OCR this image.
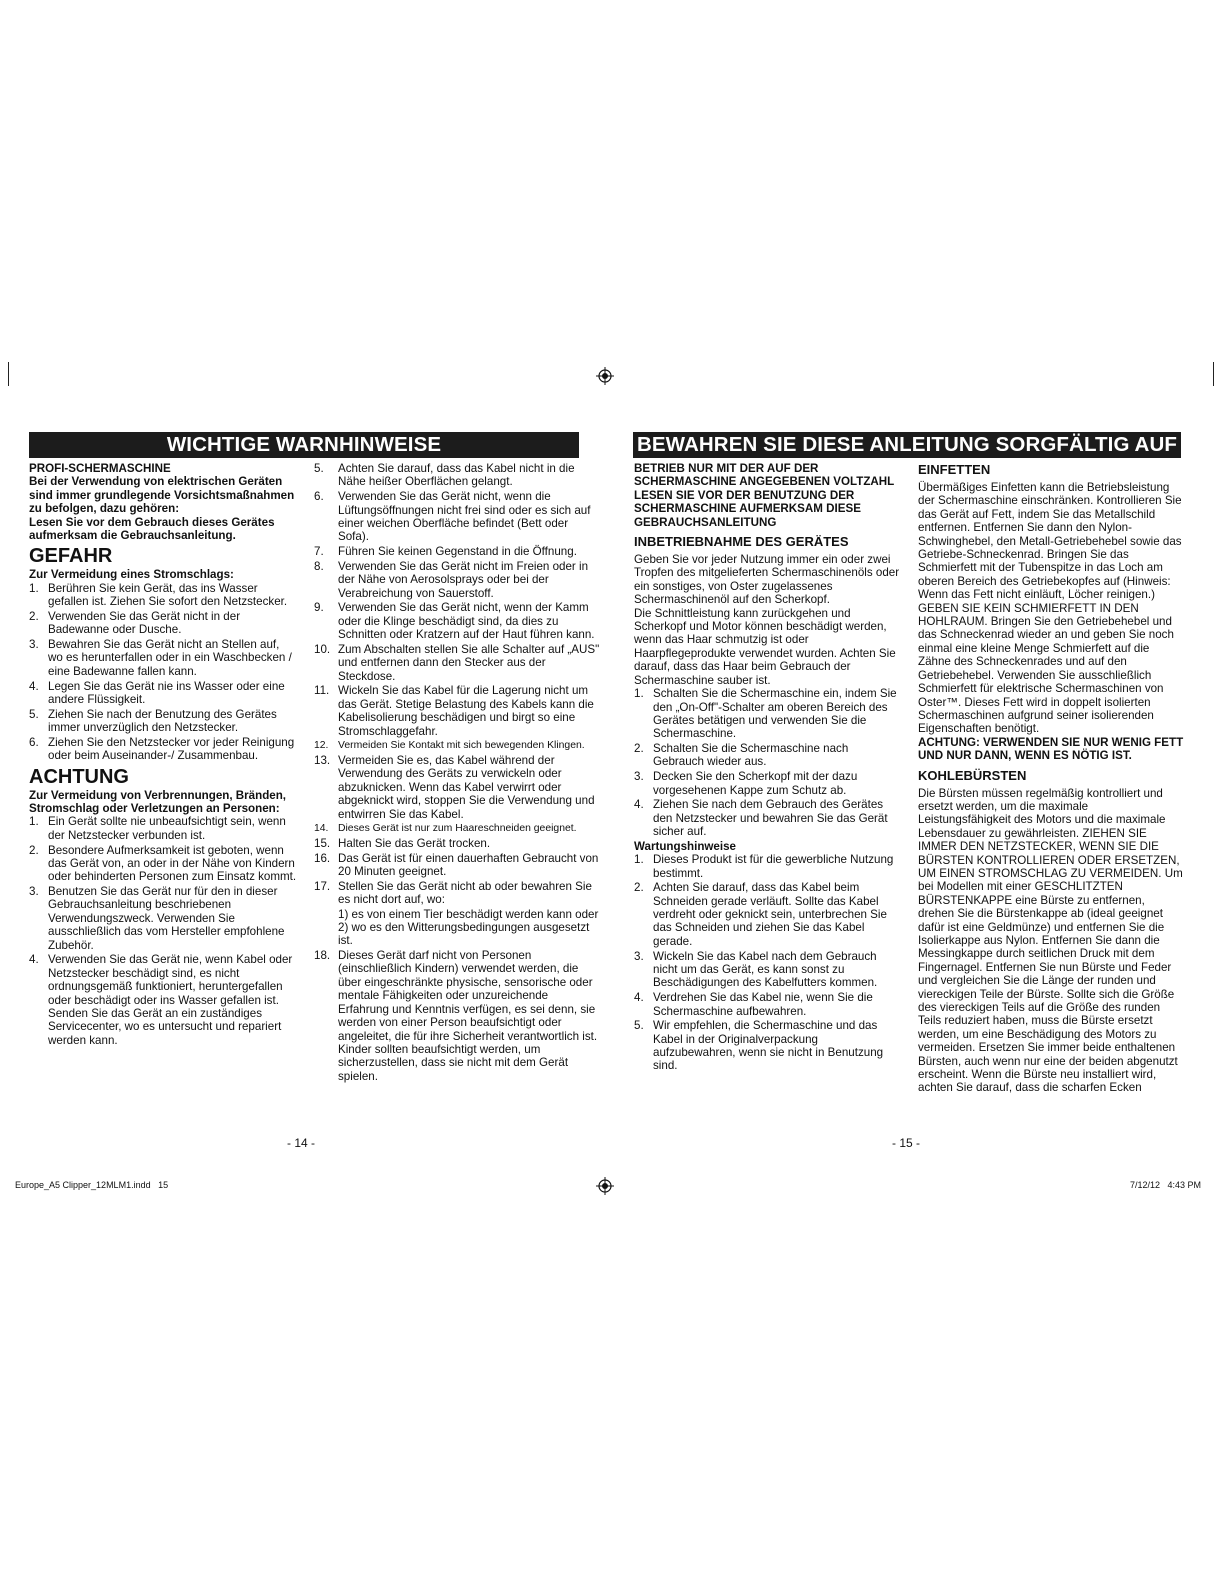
WICHTIGE WARNHINWEISE

PROFI-SCHERMASCHINE

Bei der Verwendung von elektrischen Geräten sind immer grundlegende Vorsichtsmaßnahmen zu befolgen, dazu gehören:

Lesen Sie vor dem Gebrauch dieses Gerätes aufmerksam die Gebrauchsanleitung.

GEFAHR

Zur Vermeidung eines Stromschlags:

1. Berühren Sie kein Gerät, das ins Wasser gefallen ist. Ziehen Sie sofort den Netzstecker.
2. Verwenden Sie das Gerät nicht in der Badewanne oder Dusche.
3. Bewahren Sie das Gerät nicht an Stellen auf, wo es herunterfallen oder in ein Waschbecken / eine Badewanne fallen kann.
4. Legen Sie das Gerät nie ins Wasser oder eine andere Flüssigkeit.
5. Ziehen Sie nach der Benutzung des Gerätes immer unverzüglich den Netzstecker.
6. Ziehen Sie den Netzstecker vor jeder Reinigung oder beim Auseinander-/ Zusammenbau.
ACHTUNG

Zur Vermeidung von Verbrennungen, Bränden, Stromschlag oder Verletzungen an Personen:

1. Ein Gerät sollte nie unbeaufsichtigt sein, wenn der Netzstecker verbunden ist.
2. Besondere Aufmerksamkeit ist geboten, wenn das Gerät von, an oder in der Nähe von Kindern oder behinderten Personen zum Einsatz kommt.
3. Benutzen Sie das Gerät nur für den in dieser Gebrauchsanleitung beschriebenen Verwendungszweck. Verwenden Sie ausschließlich das vom Hersteller empfohlene Zubehör.
4. Verwenden Sie das Gerät nie, wenn Kabel oder Netzstecker beschädigt sind, es nicht ordnungsgemäß funktioniert, heruntergefallen oder beschädigt oder ins Wasser gefallen ist. Senden Sie das Gerät an ein zuständiges Servicecenter, wo es untersucht und repariert werden kann.
5. Achten Sie darauf, dass das Kabel nicht in die Nähe heißer Oberflächen gelangt.
6. Verwenden Sie das Gerät nicht, wenn die Lüftungsöffnungen nicht frei sind oder es sich auf einer weichen Oberfläche befindet (Bett oder Sofa).
7. Führen Sie keinen Gegenstand in die Öffnung.
8. Verwenden Sie das Gerät nicht im Freien oder in der Nähe von Aerosolsprays oder bei der Verabreichung von Sauerstoff.
9. Verwenden Sie das Gerät nicht, wenn der Kamm oder die Klinge beschädigt sind, da dies zu Schnitten oder Kratzern auf der Haut führen kann.
10. Zum Abschalten stellen Sie alle Schalter auf „AUS" und entfernen dann den Stecker aus der Steckdose.
11. Wickeln Sie das Kabel für die Lagerung nicht um das Gerät. Stetige Belastung des Kabels kann die Kabelisolierung beschädigen und birgt so eine Stromschlaggefahr.
12. Vermeiden Sie Kontakt mit sich bewegenden Klingen.
13. Vermeiden Sie es, das Kabel während der Verwendung des Geräts zu verwickeln oder abzuknicken. Wenn das Kabel verwirrt oder abgeknickt wird, stoppen Sie die Verwendung und entwirren Sie das Kabel.
14. Dieses Gerät ist nur zum Haareschneiden geeignet.
15. Halten Sie das Gerät trocken.
16. Das Gerät ist für einen dauerhaften Gebraucht von 20 Minuten geeignet.
17. Stellen Sie das Gerät nicht ab oder bewahren Sie es nicht dort auf, wo:
1) es von einem Tier beschädigt werden kann oder
2) wo es den Witterungsbedingungen ausgesetzt ist.
18. Dieses Gerät darf nicht von Personen (einschließlich Kindern) verwendet werden, die über eingeschränkte physische, sensorische oder mentale Fähigkeiten oder unzureichende Erfahrung und Kenntnis verfügen, es sei denn, sie werden von einer Person beaufsichtigt oder angeleitet, die für ihre Sicherheit verantwortlich ist. Kinder sollten beaufsichtigt werden, um sicherzustellen, dass sie nicht mit dem Gerät spielen.
- 14 -
BEWAHREN SIE DIESE ANLEITUNG SORGFÄLTIG AUF

BETRIEB NUR MIT DER AUF DER SCHERMASCHINE ANGEGEBENEN VOLTZAHL

LESEN SIE VOR DER BENUTZUNG DER SCHERMASCHINE AUFMERKSAM DIESE GEBRAUCHSANLEITUNG

INBETRIEBNAHME DES GERÄTES

Geben Sie vor jeder Nutzung immer ein oder zwei Tropfen des mitgelieferten Schermaschinenöls oder ein sonstiges, von Oster zugelassenes Schermaschinenöl auf den Scherkopf.

Die Schnittleistung kann zurückgehen und Scherkopf und Motor können beschädigt werden, wenn das Haar schmutzig ist oder Haarpflegeprodukte verwendet wurden. Achten Sie darauf, dass das Haar beim Gebrauch der Schermaschine sauber ist.

1. Schalten Sie die Schermaschine ein, indem Sie den „On-Off"-Schalter am oberen Bereich des Gerätes betätigen und verwenden Sie die Schermaschine.
2. Schalten Sie die Schermaschine nach Gebrauch wieder aus.
3. Decken Sie den Scherkopf mit der dazu vorgesehenen Kappe zum Schutz ab.
4. Ziehen Sie nach dem Gebrauch des Gerätes den Netzstecker und bewahren Sie das Gerät sicher auf.

Wartungshinweise

1. Dieses Produkt ist für die gewerbliche Nutzung bestimmt.
2. Achten Sie darauf, dass das Kabel beim Schneiden gerade verläuft. Sollte das Kabel verdreht oder geknickt sein, unterbrechen Sie das Schneiden und ziehen Sie das Kabel gerade.
3. Wickeln Sie das Kabel nach dem Gebrauch nicht um das Gerät, es kann sonst zu Beschädigungen des Kabelfutters kommen.
4. Verdrehen Sie das Kabel nie, wenn Sie die Schermaschine aufbewahren.
5. Wir empfehlen, die Schermaschine und das Kabel in der Originalverpackung aufzubewahren, wenn sie nicht in Benutzung sind.
EINFETTEN

Übermäßiges Einfetten kann die Betriebsleistung der Schermaschine einschränken. Kontrollieren Sie das Gerät auf Fett, indem Sie das Metallschild entfernen. Entfernen Sie dann den Nylon-Schwinghebel, den Metall-Getriebehebel sowie das Getriebe-Schneckenrad. Bringen Sie das Schmierfett mit der Tubenspitze in das Loch am oberen Bereich des Getriebekopfes auf (Hinweis: Wenn das Fett nicht einläuft, Löcher reinigen.) GEBEN SIE KEIN SCHMIERFETT IN DEN HOHLRAUM. Bringen Sie den Getriebehebel und das Schneckenrad wieder an und geben Sie noch einmal eine kleine Menge Schmierfett auf die Zähne des Schneckenrades und auf den Getriebehebel. Verwenden Sie ausschließlich Schmierfett für elektrische Schermaschinen von Oster™. Dieses Fett wird in doppelt isolierten Schermaschinen aufgrund seiner isolierenden Eigenschaften benötigt.

ACHTUNG: VERWENDEN SIE NUR WENIG FETT UND NUR DANN, WENN ES NÖTIG IST.

KOHLEBÜRSTEN

Die Bürsten müssen regelmäßig kontrolliert und ersetzt werden, um die maximale Leistungsfähigkeit des Motors und die maximale Lebensdauer zu gewährleisten. ZIEHEN SIE IMMER DEN NETZSTECKER, WENN SIE DIE BÜRSTEN KONTROLLIEREN ODER ERSETZEN, UM EINEN STROMSCHLAG ZU VERMEIDEN. Um bei Modellen mit einer GESCHLITZTEN BÜRSTENKAPPE eine Bürste zu entfernen, drehen Sie die Bürstenkappe ab (ideal geeignet dafür ist eine Geldmünze) und entfernen Sie die Isolierkappe aus Nylon. Entfernen Sie dann die Messingkappe durch seitlichen Druck mit dem Fingernagel. Entfernen Sie nun Bürste und Feder und vergleichen Sie die Länge der runden und viereckigen Teile der Bürste. Sollte sich die Größe des viereckigen Teils auf die Größe des runden Teils reduziert haben, muss die Bürste ersetzt werden, um eine Beschädigung des Motors zu vermeiden. Ersetzen Sie immer beide enthaltenen Bürsten, auch wenn nur eine der beiden abgenutzt erscheint. Wenn die Bürste neu installiert wird, achten Sie darauf, dass die scharfen Ecken

- 15 -
Europe_A5 Clipper_12MLM1.indd   15	7/12/12   4:43 PM
